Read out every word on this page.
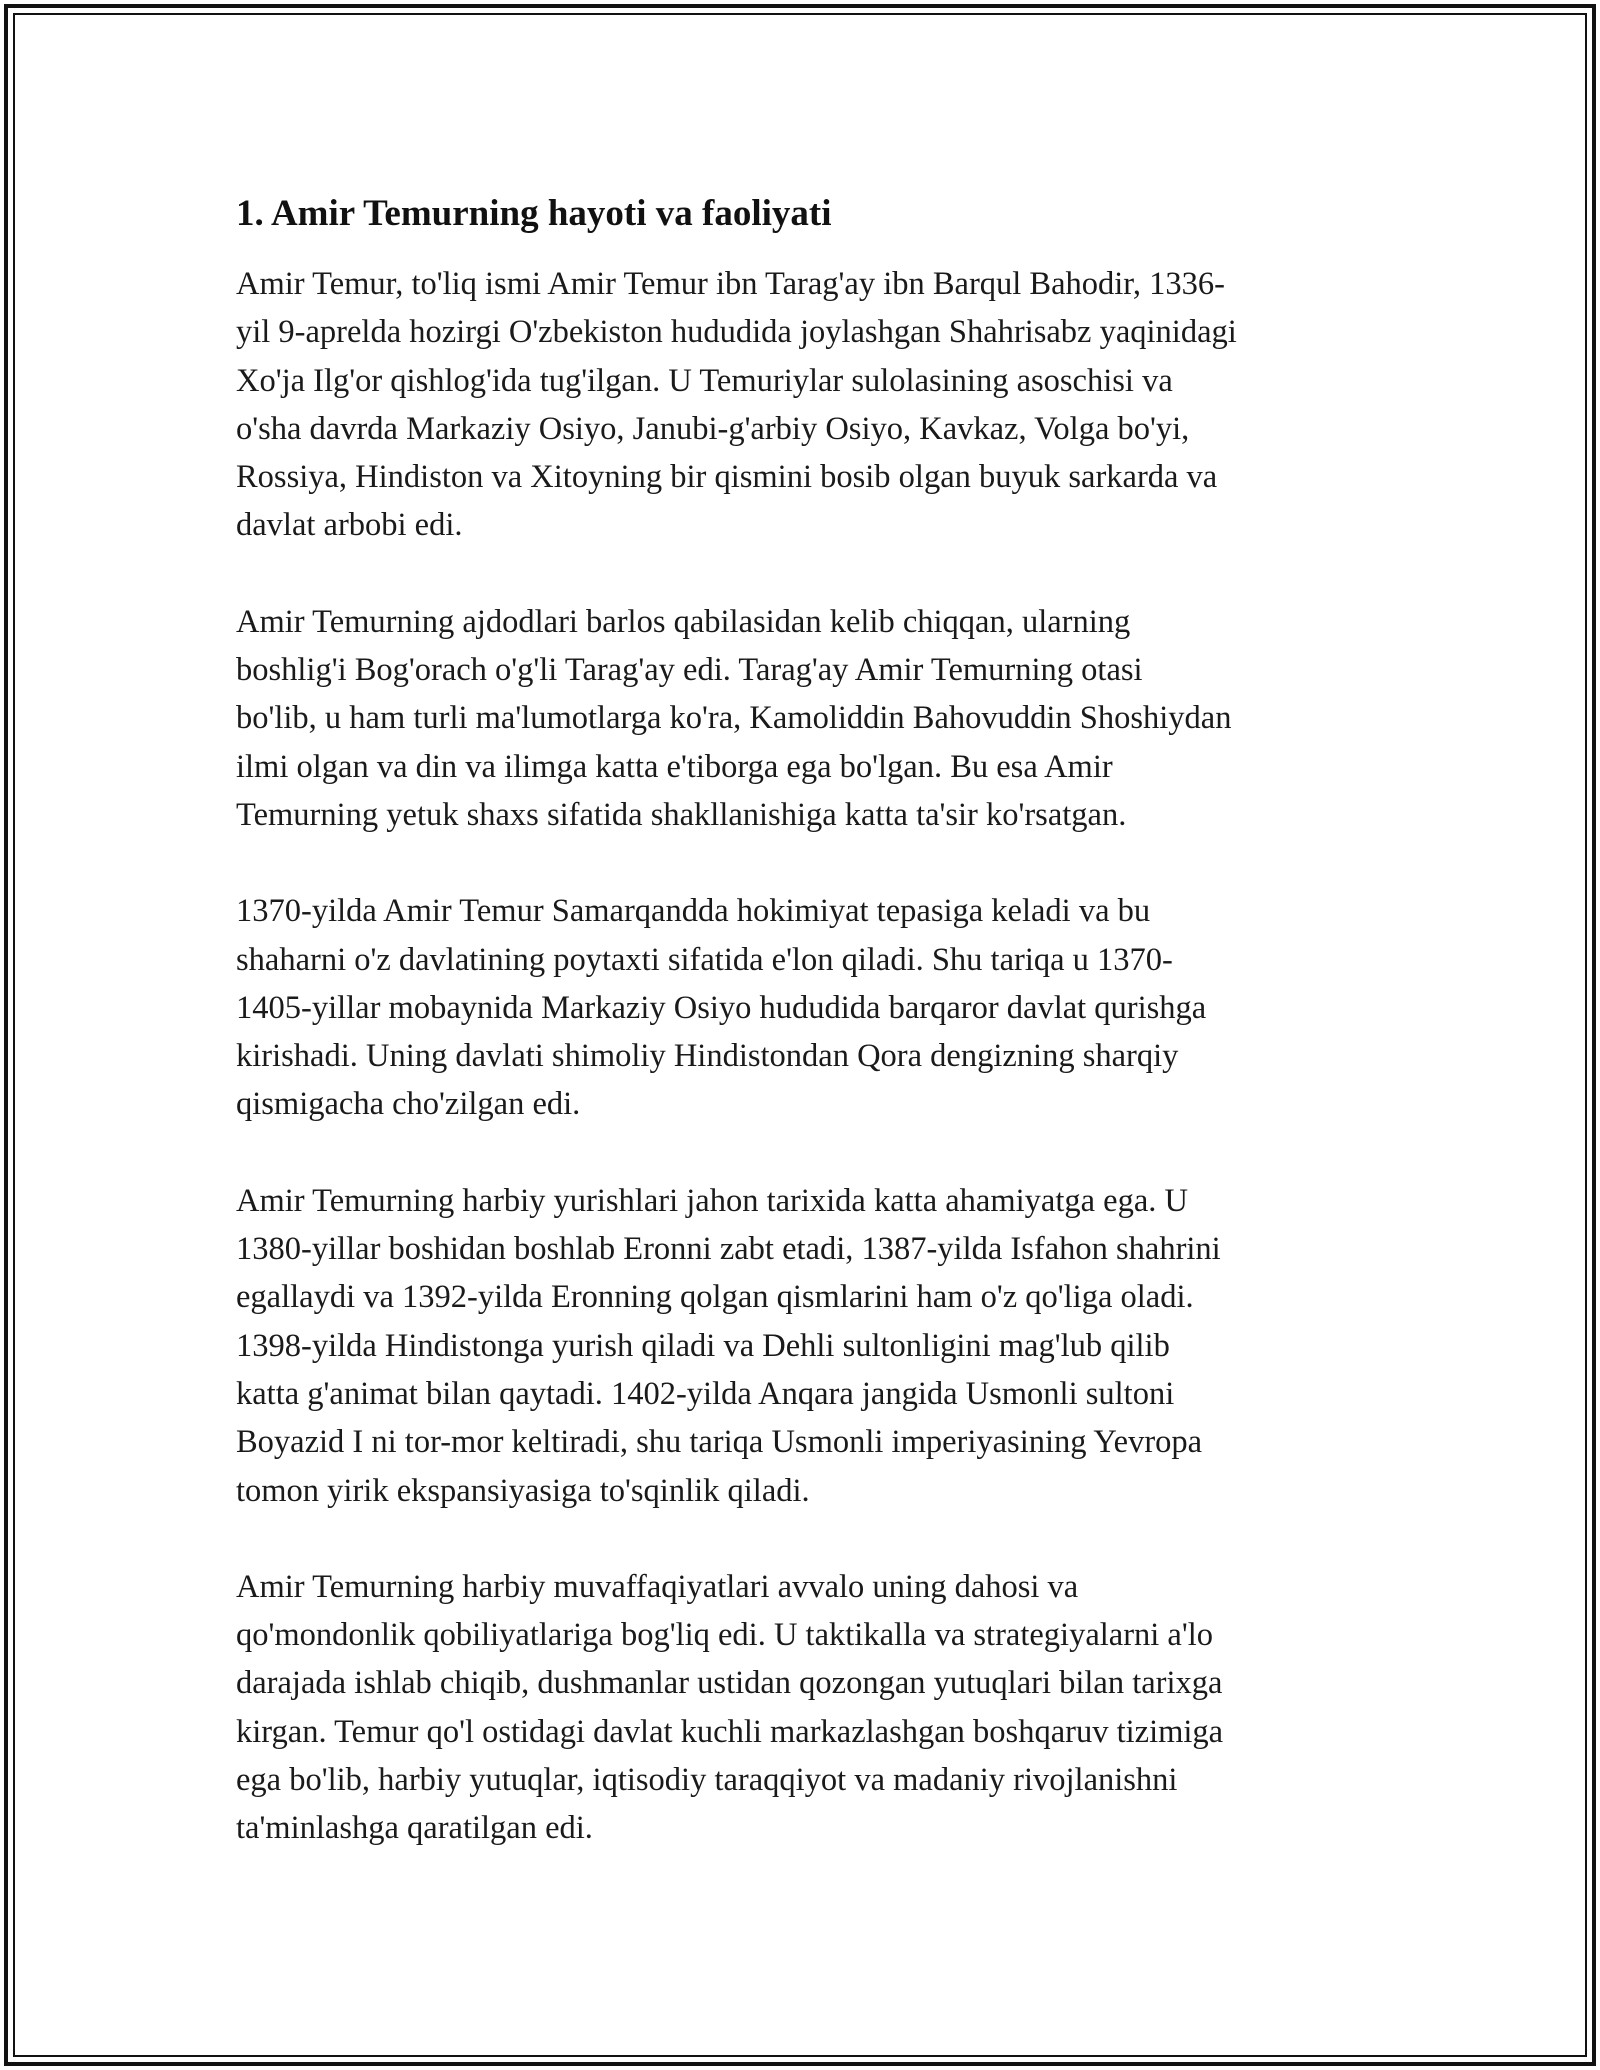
1. Amir Temurning hayoti va faoliyati

Amir Temur, to'liq ismi Amir Temur ibn Tarag'ay ibn Barqul Bahodir, 1336-
yil 9-aprelda hozirgi O'zbekiston hududida joylashgan Shahrisabz yaqinidagi
Xo'ja Ilg'or qishlog'ida tug'ilgan. U Temuriylar sulolasining asoschisi va
o'sha davrda Markaziy Osiyo, Janubi-g'arbiy Osiyo, Kavkaz, Volga bo'yi,
Rossiya, Hindiston va Xitoyning bir qismini bosib olgan buyuk sarkarda va
davlat arbobi edi.

Amir Temurning ajdodlari barlos qabilasidan kelib chiqqan, ularning
boshlig'i Bog'orach o'g'li Tarag'ay edi. Tarag'ay Amir Temurning otasi
bo'lib, u ham turli ma'lumotlarga ko'ra, Kamoliddin Bahovuddin Shoshiydan
ilmi olgan va din va ilimga katta e'tiborga ega bo'lgan. Bu esa Amir
Temurning yetuk shaxs sifatida shakllanishiga katta ta'sir ko'rsatgan.

1370-yilda Amir Temur Samarqandda hokimiyat tepasiga keladi va bu
shaharni o'z davlatining poytaxti sifatida e'lon qiladi. Shu tariqa u 1370-
1405-yillar mobaynida Markaziy Osiyo hududida barqaror davlat qurishga
kirishadi. Uning davlati shimoliy Hindistondan Qora dengizning sharqiy
qismigacha cho'zilgan edi.

Amir Temurning harbiy yurishlari jahon tarixida katta ahamiyatga ega. U
1380-yillar boshidan boshlab Eronni zabt etadi, 1387-yilda Isfahon shahrini
egallaydi va 1392-yilda Eronning qolgan qismlarini ham o'z qo'liga oladi.
1398-yilda Hindistonga yurish qiladi va Dehli sultonligini mag'lub qilib
katta g'animat bilan qaytadi. 1402-yilda Anqara jangida Usmonli sultoni
Boyazid I ni tor-mor keltiradi, shu tariqa Usmonli imperiyasining Yevropa
tomon yirik ekspansiyasiga to'sqinlik qiladi.

Amir Temurning harbiy muvaffaqiyatlari avvalo uning dahosi va
qo'mondonlik qobiliyatlariga bog'liq edi. U taktikalla va strategiyalarni a'lo
darajada ishlab chiqib, dushmanlar ustidan qozongan yutuqlari bilan tarixga
kirgan. Temur qo'l ostidagi davlat kuchli markazlashgan boshqaruv tizimiga
ega bo'lib, harbiy yutuqlar, iqtisodiy taraqqiyot va madaniy rivojlanishni
ta'minlashga qaratilgan edi.
